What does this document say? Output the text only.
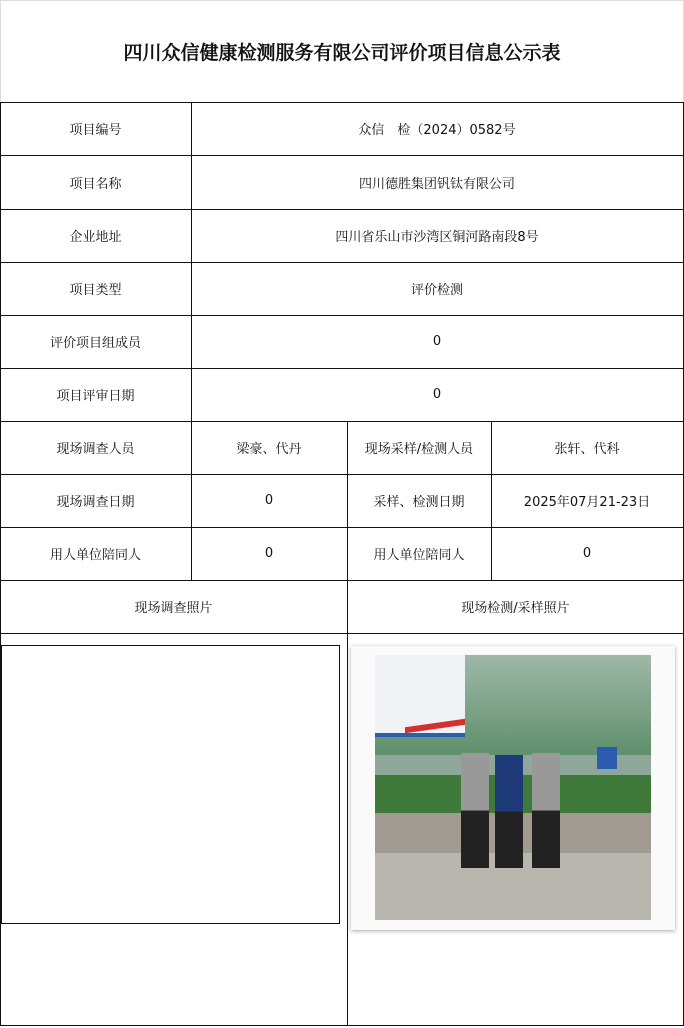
四川众信健康检测服务有限公司评价项目信息公示表
项目编号	众信　检（2024）0582号
项目名称	四川德胜集团钒钛有限公司
企业地址	四川省乐山市沙湾区铜河路南段8号
项目类型	评价检测
评价项目组成员	0
项目评审日期	0
现场调查人员	梁豪、代丹	现场采样/检测人员	张轩、代科
现场调查日期	0	采样、检测日期	2025年07月21-23日
用人单位陪同人	0	用人单位陪同人	0
现场调查照片	现场检测/采样照片
